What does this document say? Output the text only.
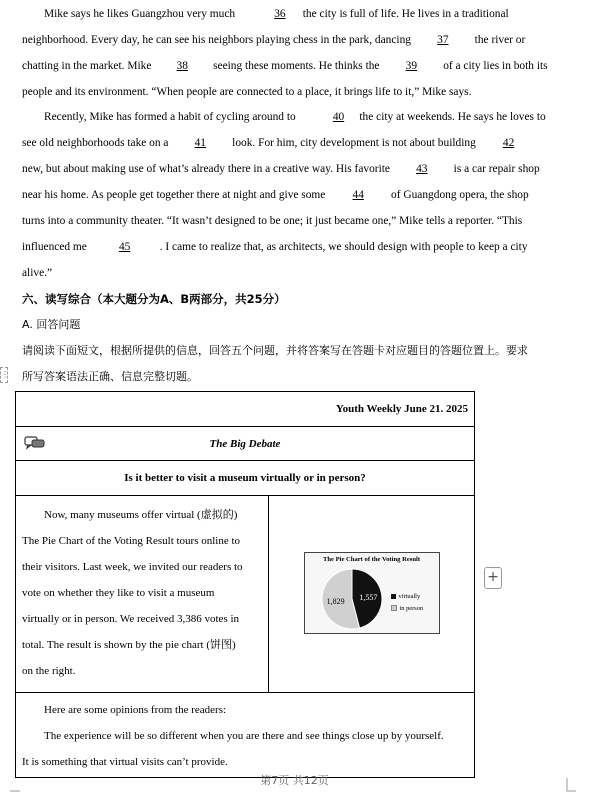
Mike says he likes Guangzhou very much	36 the city is full of life. He lives in a traditional
neighborhood. Every day, he can see his neighbors playing chess in the park, dancing 37 the river or
chatting in the market. Mike 38 seeing these moments. He thinks the 39 of a city lies in both its
people and its environment. “When people are connected to a place, it brings life to it,” Mike says.
Recently, Mike has formed a habit of cycling around to	40 the city at weekends. He says he loves to
see old neighborhoods take on a 41 look. For him, city development is not about building 42
new, but about making use of what’s already there in a creative way. His favorite 43 is a car repair shop
near his home. As people get together there at night and give some 44 of Guangdong opera, the shop
turns into a community theater. “It wasn’t designed to be one; it just became one,” Mike tells a reporter. “This
influenced me	45	. I came to realize that, as architects, we should design with people to keep a city
alive.”
六、读写综合（本大题分为A、B两部分，共25分）
A. 回答问题
请阅读下面短文，根据所提供的信息，回答五个问题，并将答案写在答题卡对应题目的答题位置上。要求
所写答案语法正确、信息完整切题。
⋮
Youth Weekly June 21. 2025

The Big Debate
Is it better to visit a museum virtually or in person?

Now, many museums offer virtual (虚拟的)

The Pie Chart of the Voting Result tours online to
their visitors. Last week, we invited our readers to
vote on whether they like to visit a museum
virtually or in person. We received 3,386 votes in
total. The result is shown by the pie chart (饼图)
on the right.

The Pie Chart of the Voting Result
1,557
1,829
virtually
in person

Here are some opinions from the readers:

The experience will be so different when you are there and see things close up by yourself.

It is something that virtual visits can’t provide.
+
第7页 共12页
